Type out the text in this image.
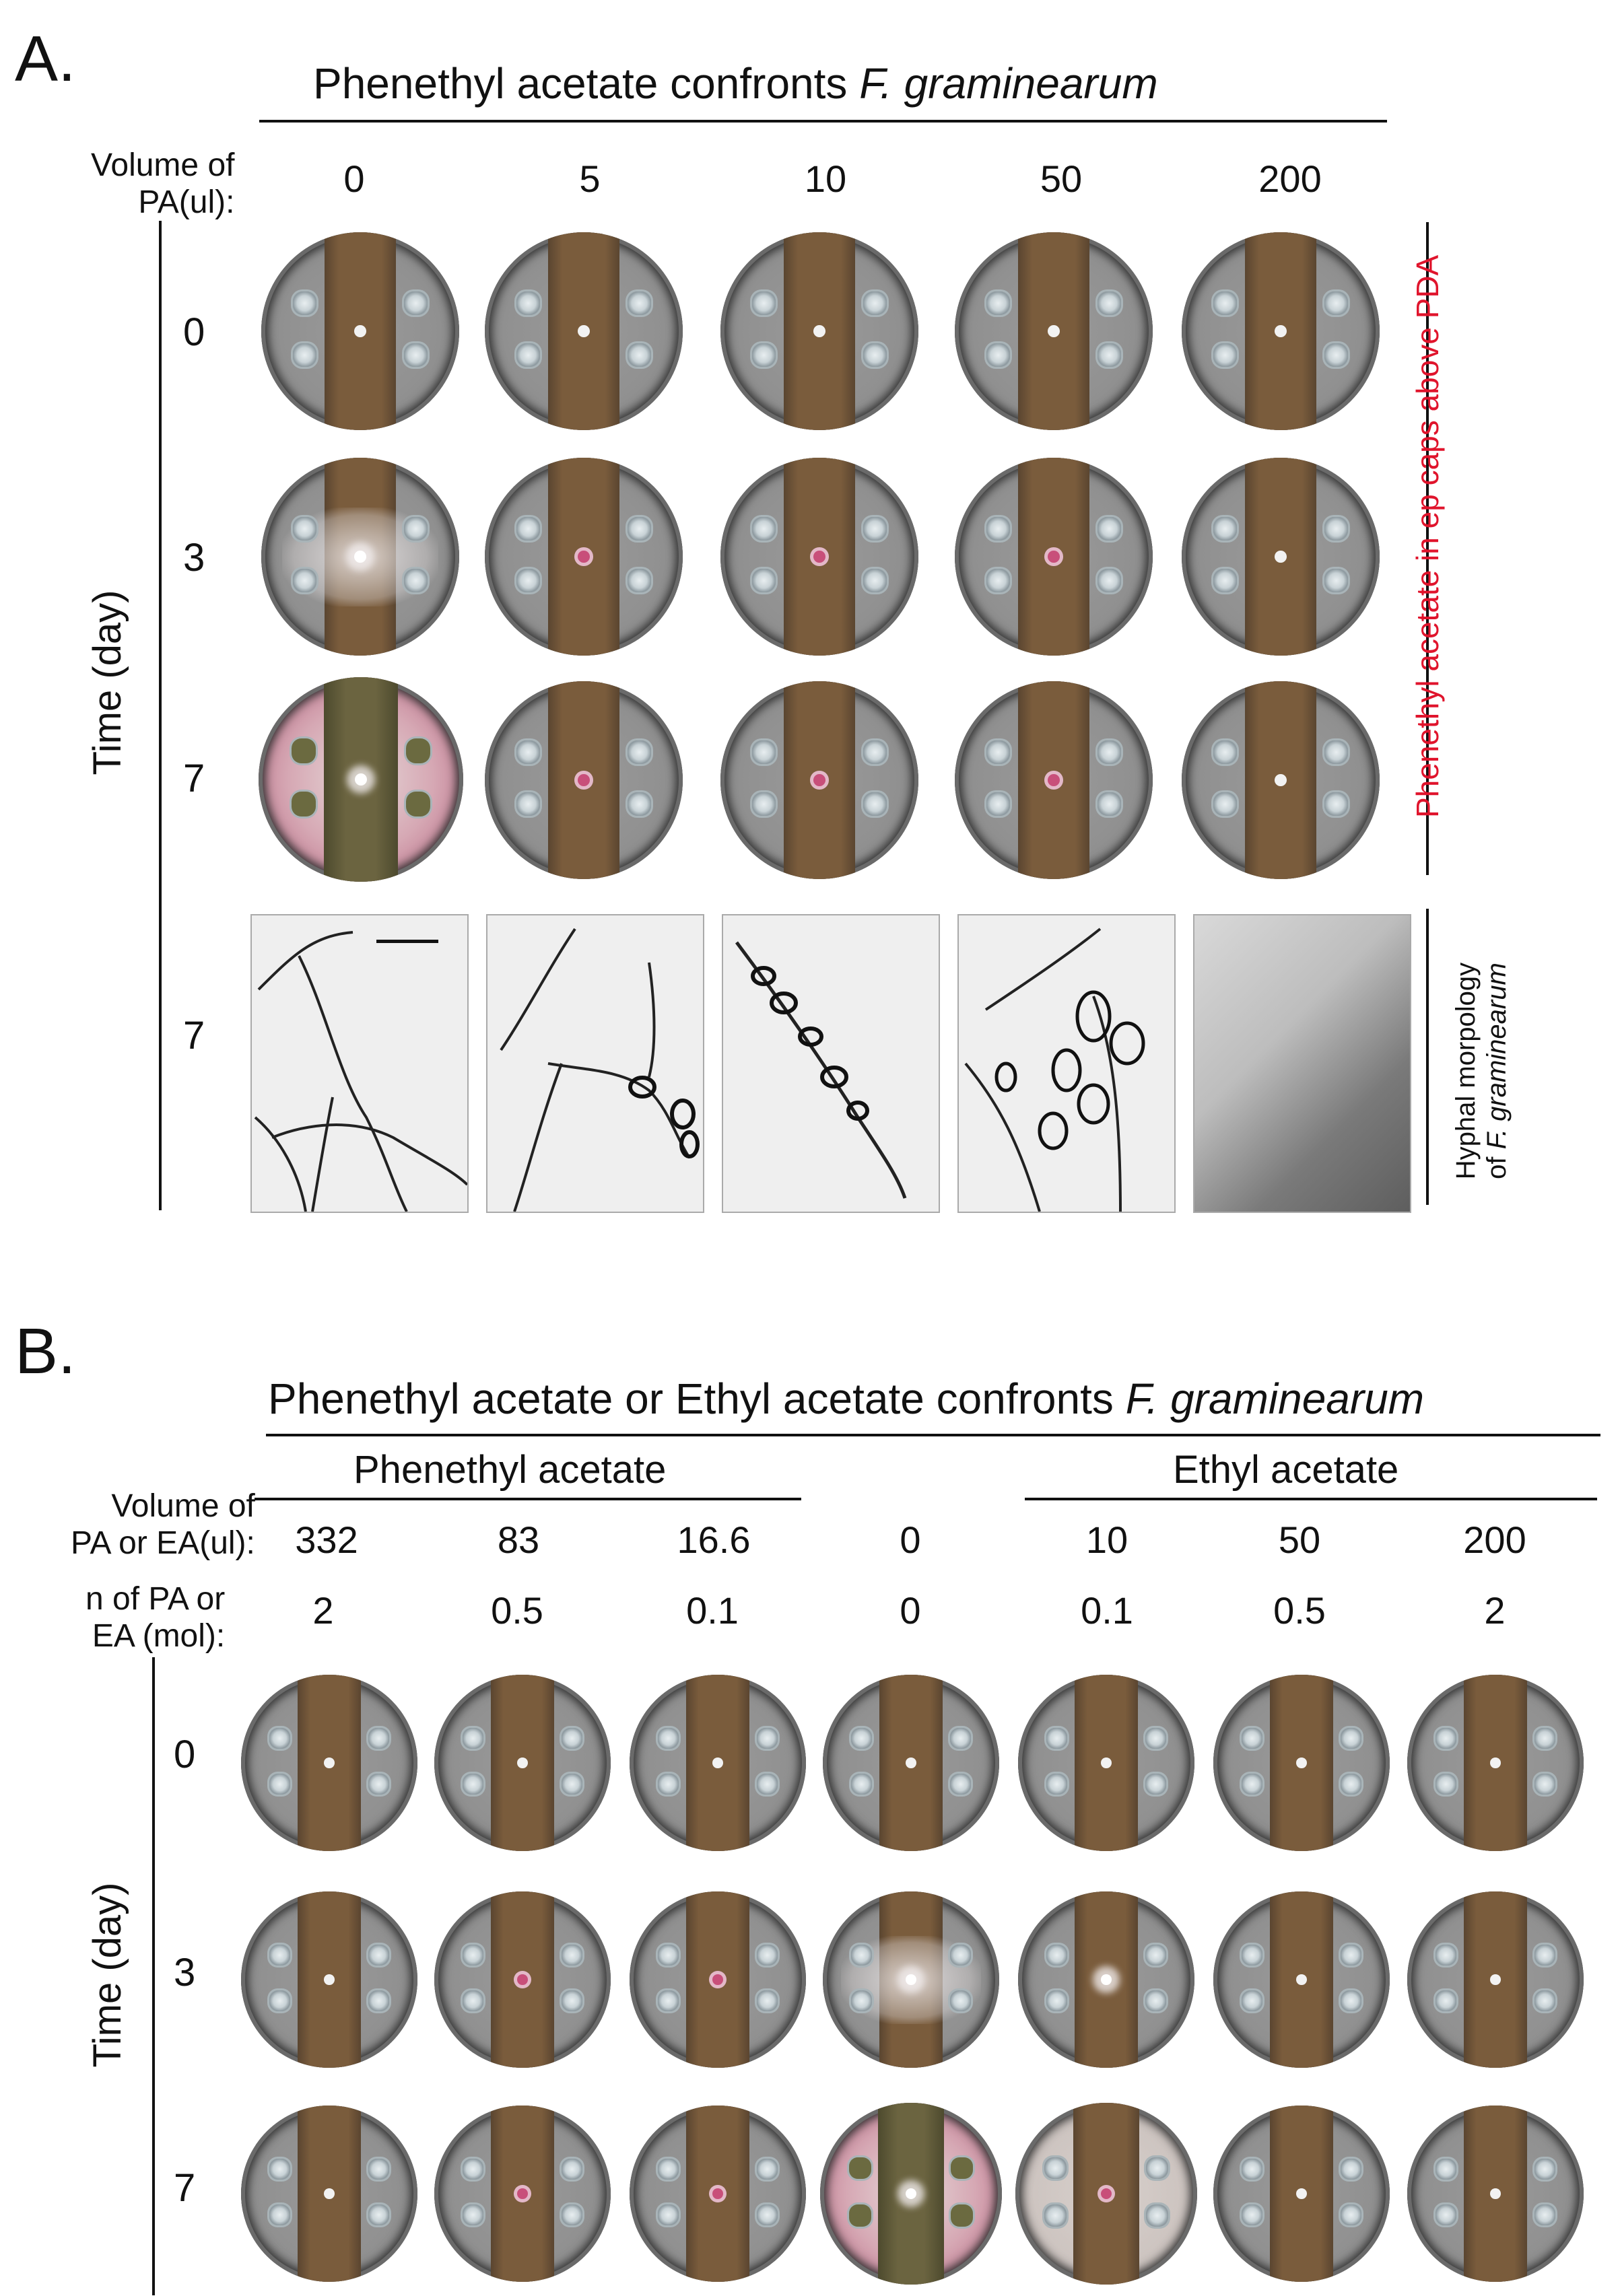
A.	Phenethyl acetate confronts F. graminearum
Volume of
PA(ul):
0	5	10	50	200
Time (day)
0
3
7
7
Phenethyl acetate in ep caps above PDA
Hyphal morpology of F. graminearum
B.
Phenethyl acetate or Ethyl acetate confronts F. graminearum
Phenethyl acetate	Ethyl acetate
Volume of
PA or EA(ul):
n of PA or
EA (mol):
332	83	16.6	0	10	50	200
2	0.5	0.1	0	0.1	0.5	2
Time (day)
0
3
7
